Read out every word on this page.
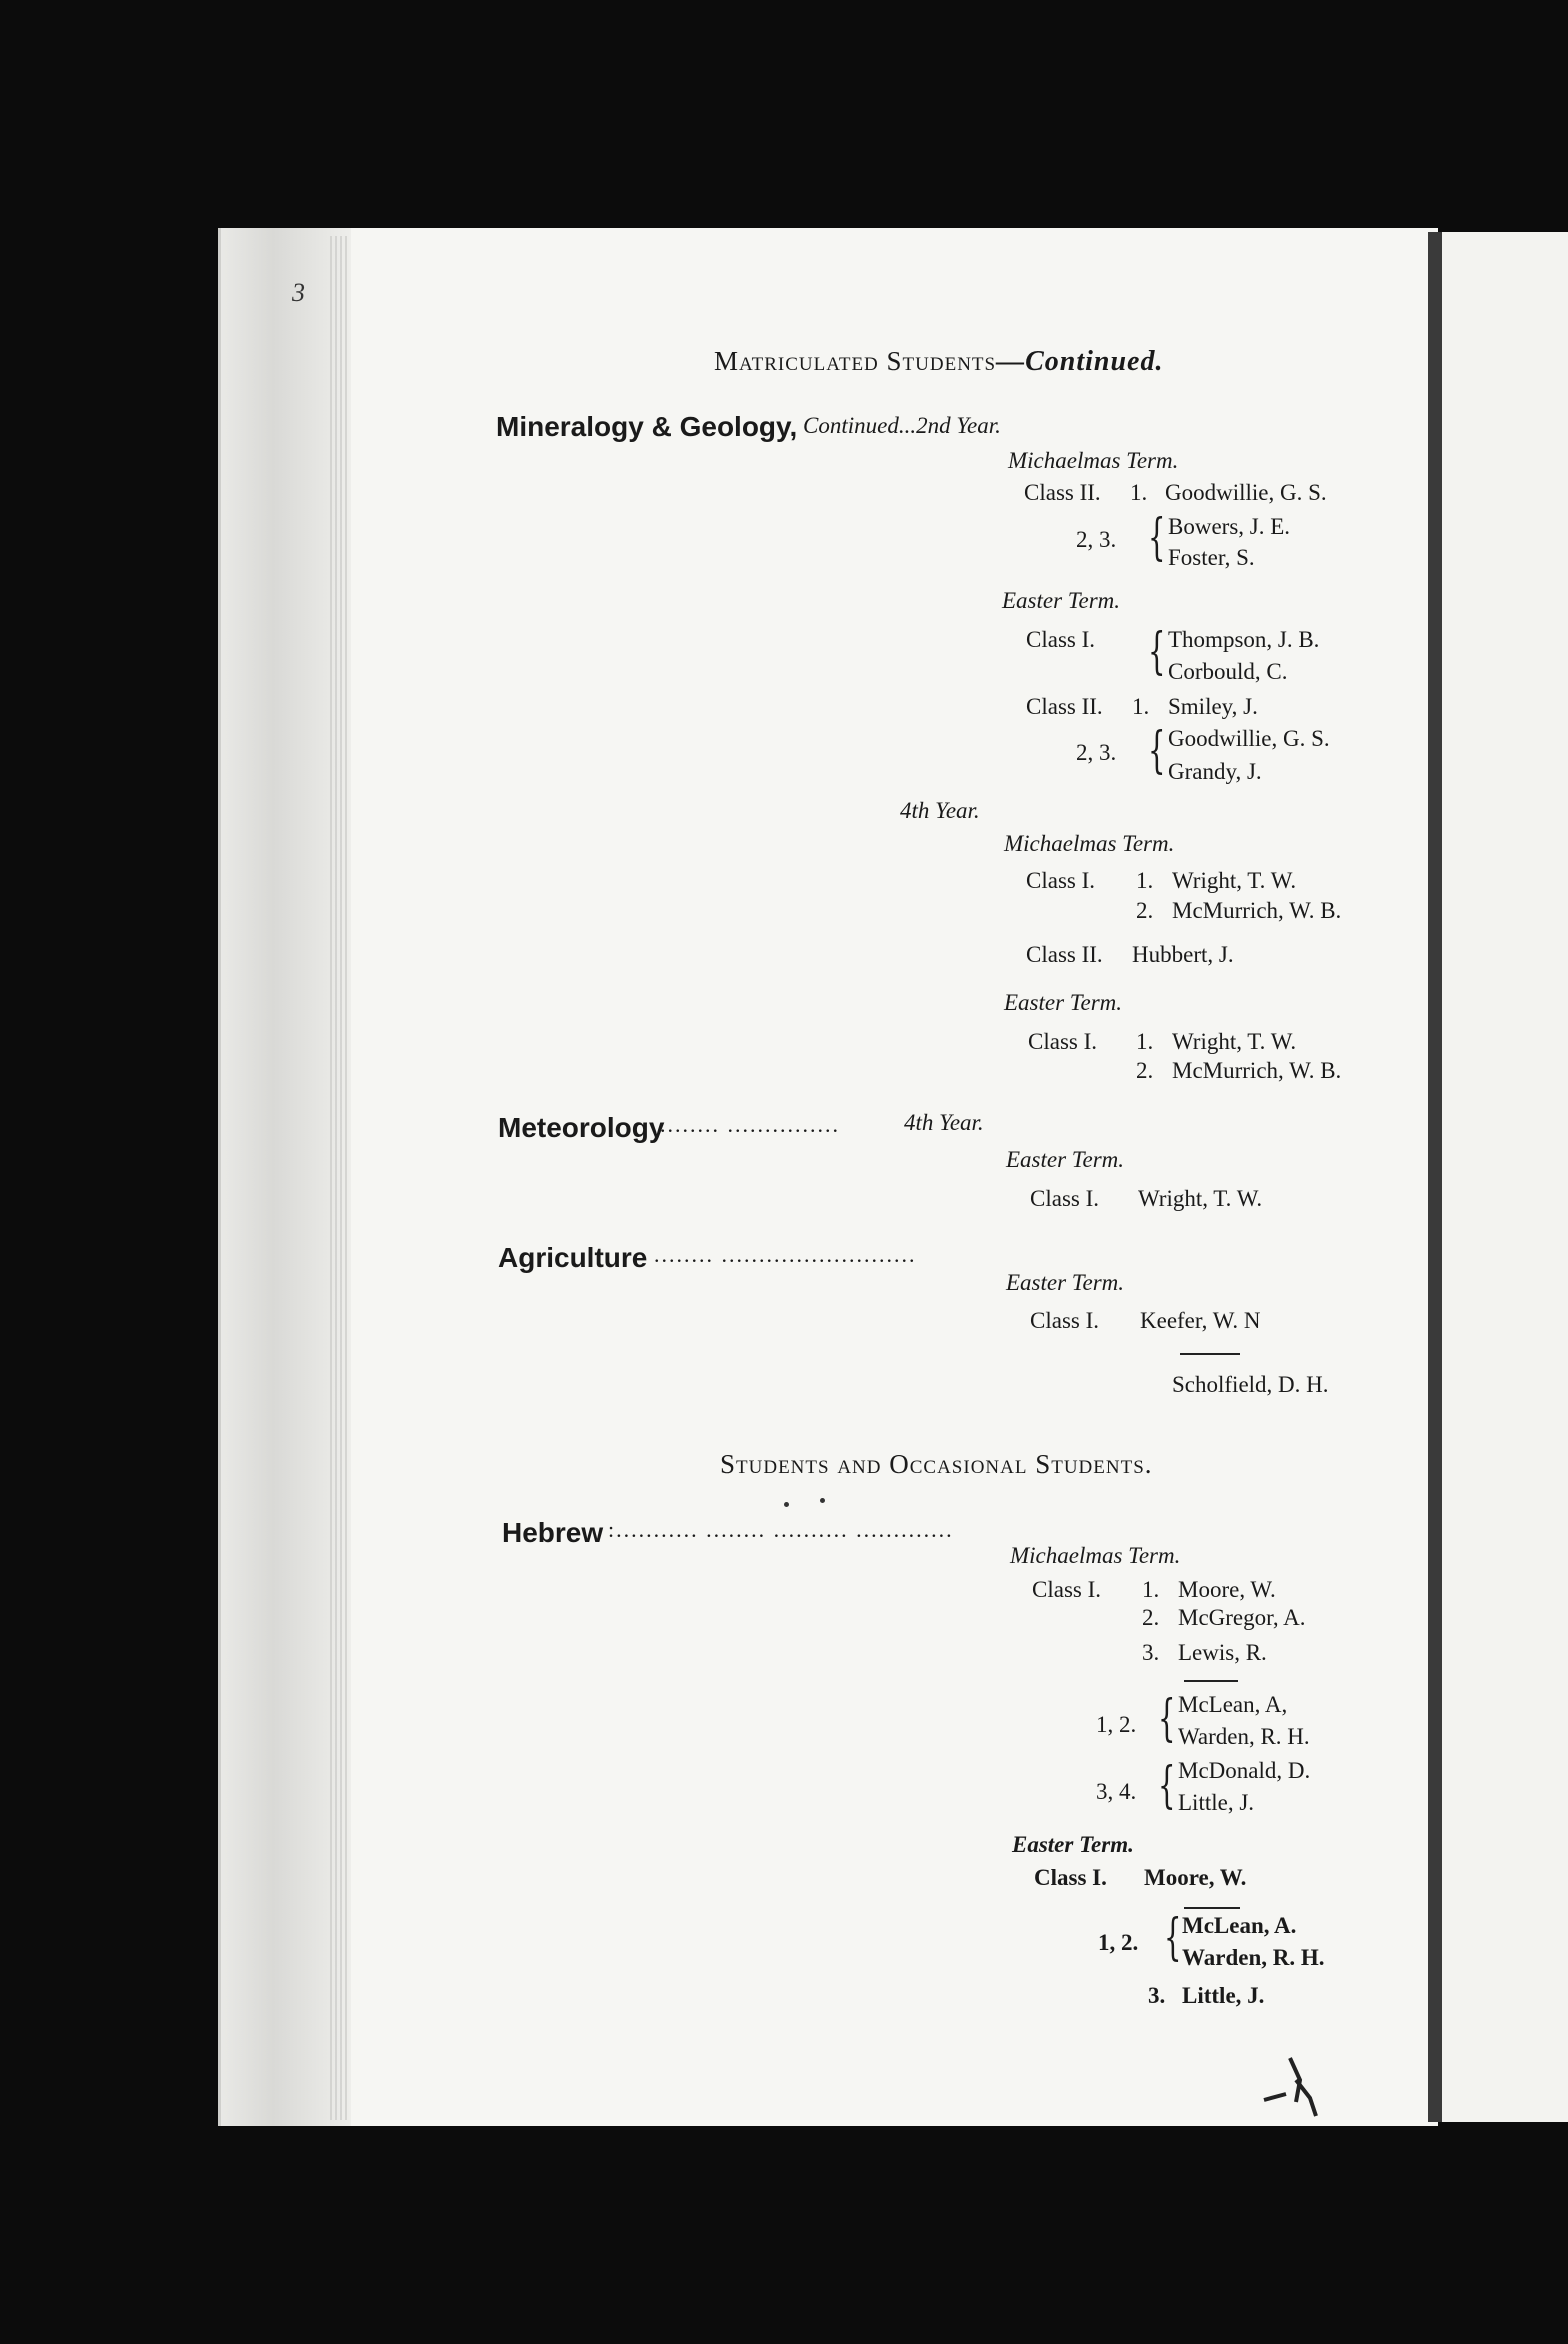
3
Matriculated Students—Continued.
Mineralogy & Geology, Continued...2nd Year.
Michaelmas Term.
Class II. 1. Goodwillie, G. S.
2, 3. { Bowers, J. E.
Foster, S.
Easter Term.
Class I. { Thompson, J. B.
Corbould, C.
Class II. 1. Smiley, J.
2, 3. { Goodwillie, G. S.
Grandy, J.
4th Year.
Michaelmas Term.
Class I. 1. Wright, T. W.
2. McMurrich, W. B.
Class II. Hubbert, J.
Easter Term.
Class I. 1. Wright, T. W.
2. McMurrich, W. B.
Meteorology
........ ...............	4th Year.
Easter Term.
Class I. Wright, T. W.
Agriculture ........ ..........................
Easter Term.
Class I. Keefer, W. N
Scholfield, D. H.
Students and Occasional Students.
Hebrew :........... ........ .......... .............
Michaelmas Term.
Class I. 1. Moore, W.
2. McGregor, A.
3. Lewis, R.
1, 2. { McLean, A,
Warden, R. H.
3, 4. { McDonald, D.
Little, J.
Easter Term.
Class I. Moore, W.
1, 2. { McLean, A.
Warden, R. H.
3. Little, J.
